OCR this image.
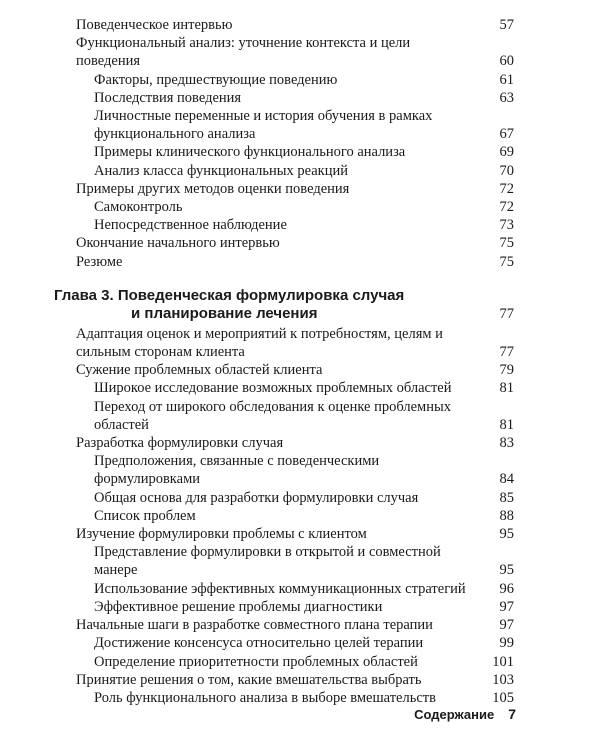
Поведенческое интервью	57
Функциональный анализ: уточнение контекста и цели поведения	60
Факторы, предшествующие поведению	61
Последствия поведения	63
Личностные переменные и история обучения в рамках функционального анализа	67
Примеры клинического функционального анализа	69
Анализ класса функциональных реакций	70
Примеры других методов оценки поведения	72
Самоконтроль	72
Непосредственное наблюдение	73
Окончание начального интервью	75
Резюме	75
Глава 3. Поведенческая формулировка случая
и планирование лечения	77
Адаптация оценок и мероприятий к потребностям, целям и сильным сторонам клиента	77
Сужение проблемных областей клиента	79
Широкое исследование возможных проблемных областей	81
Переход от широкого обследования к оценке проблемных областей	81
Разработка формулировки случая	83
Предположения, связанные с поведенческими формулировками	84
Общая основа для разработки формулировки случая	85
Список проблем	88
Изучение формулировки проблемы с клиентом	95
Представление формулировки в открытой и совместной манере	95
Использование эффективных коммуникационных стратегий	96
Эффективное решение проблемы диагностики	97
Начальные шаги в разработке совместного плана терапии	97
Достижение консенсуса относительно целей терапии	99
Определение приоритетности проблемных областей	101
Принятие решения о том, какие вмешательства выбрать	103
Роль функционального анализа в выборе вмешательств	105
Содержание 7
